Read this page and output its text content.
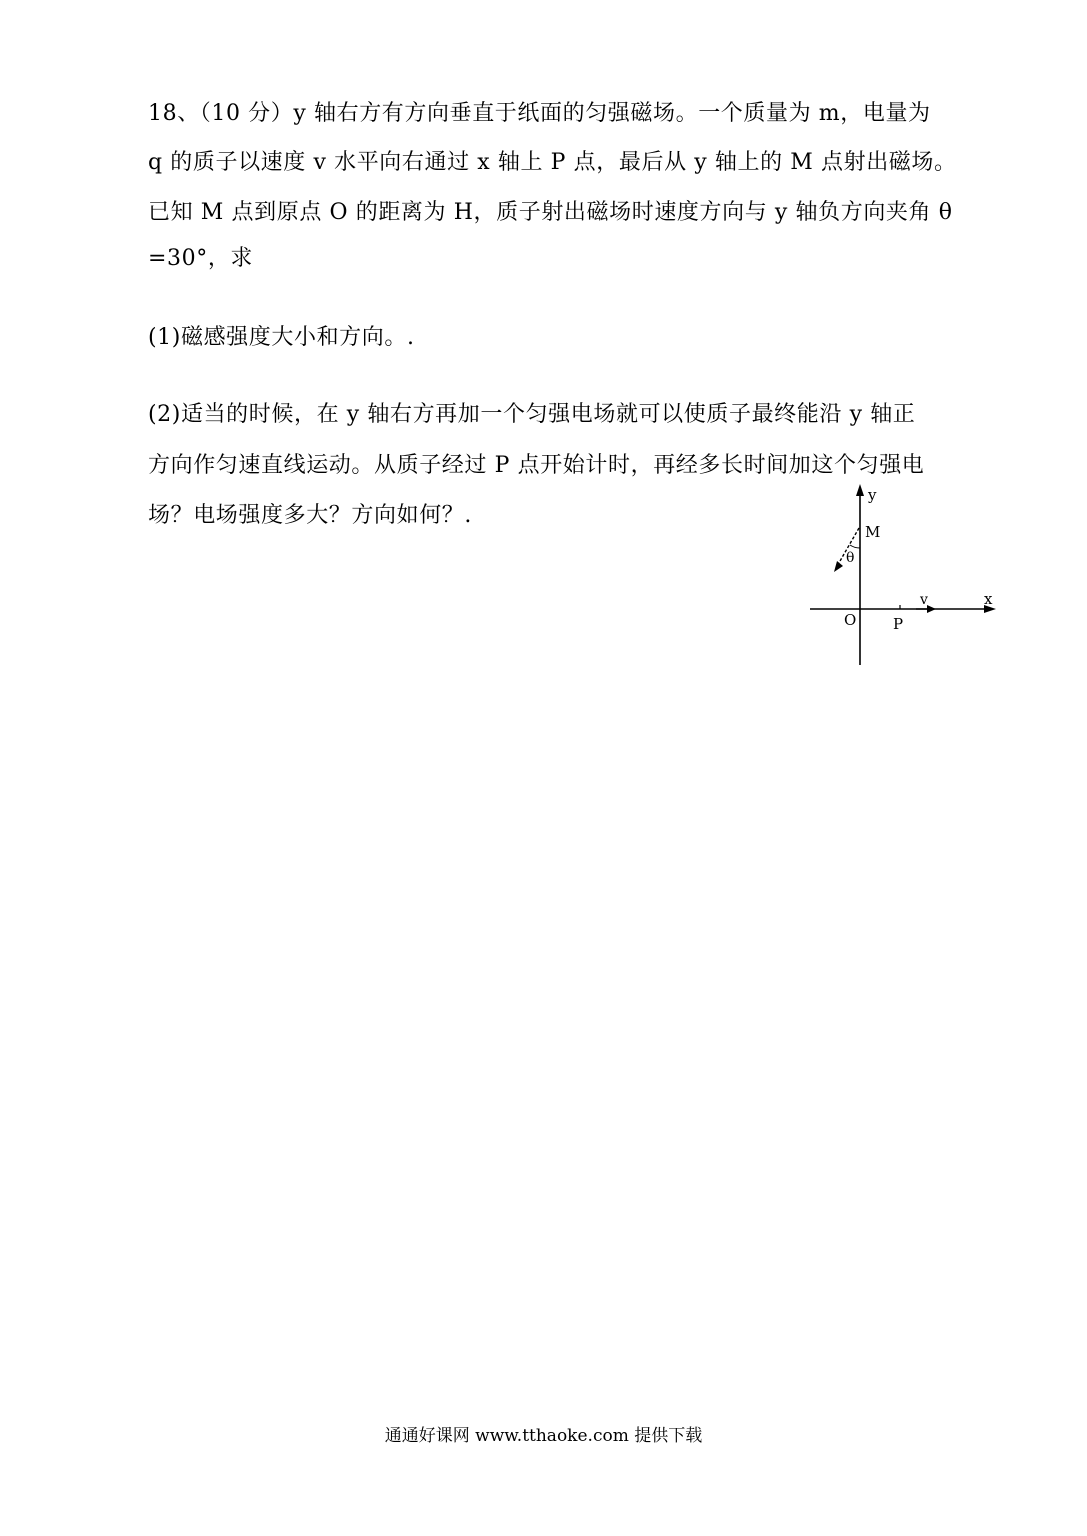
18、（10 分）y 轴右方有方向垂直于纸面的匀强磁场。一个质量为 m，电量为
q 的质子以速度 v 水平向右通过 x 轴上 P 点，最后从 y 轴上的 M 点射出磁场。
已知 M 点到原点 O 的距离为 H，质子射出磁场时速度方向与 y 轴负方向夹角 θ
=30°，求
(1)磁感强度大小和方向。.
(2)适当的时候，在 y 轴右方再加一个匀强电场就可以使质子最终能沿 y 轴正
方向作匀速直线运动。从质子经过 P 点开始计时，再经多长时间加这个匀强电
场？电场强度多大？方向如何？.
y
x
M
θ
O P
v
通通好课网 www.tthaoke.com 提供下载
